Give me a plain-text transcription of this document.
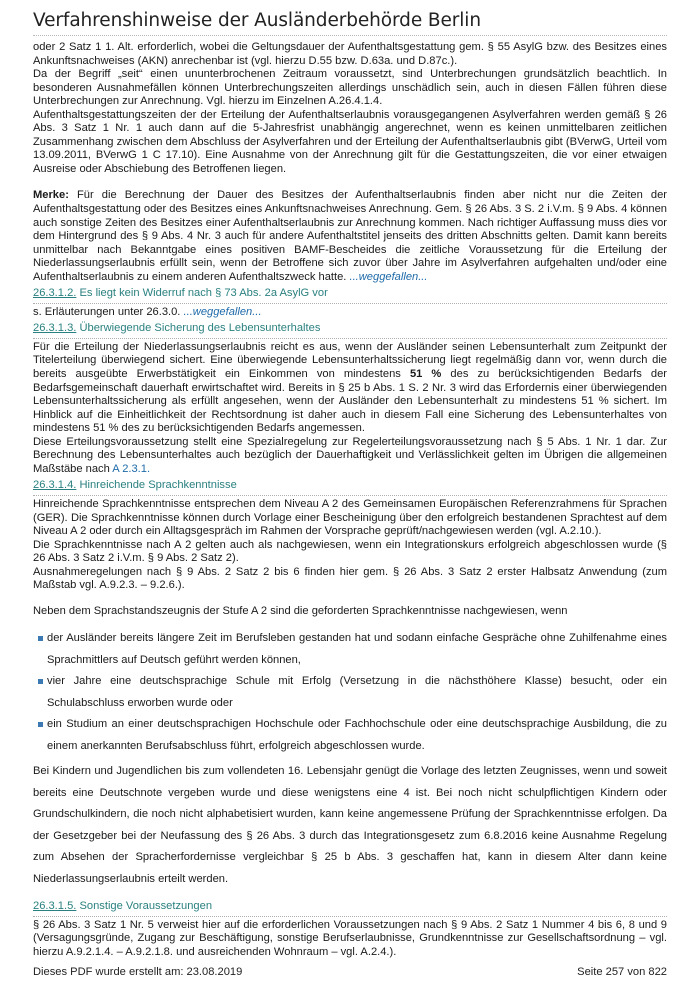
Verfahrenshinweise der Ausländerbehörde Berlin

oder 2 Satz 1 1. Alt. erforderlich, wobei die Geltungsdauer der Aufenthaltsgestattung gem. § 55 AsylG bzw. des Besitzes eines Ankunftsnachweises (AKN) anrechenbar ist (vgl. hierzu D.55 bzw. D.63a. und D.87c.).

Da der Begriff „seit“ einen ununterbrochenen Zeitraum voraussetzt, sind Unterbrechungen grundsätzlich beachtlich. In besonderen Ausnahmefällen können Unterbrechungszeiten allerdings unschädlich sein, auch in diesen Fällen führen diese Unterbrechungen zur Anrechnung. Vgl. hierzu im Einzelnen A.26.4.1.4.

Aufenthaltsgestattungszeiten der der Erteilung der Aufenthaltserlaubnis vorausgegangenen Asylverfahren werden gemäß § 26 Abs. 3 Satz 1 Nr. 1 auch dann auf die 5-Jahresfrist unabhängig angerechnet, wenn es keinen unmittelbaren zeitlichen Zusammenhang zwischen dem Abschluss der Asylverfahren und der Erteilung der Aufenthaltserlaubnis gibt (BVerwG, Urteil vom 13.09.2011, BVerwG 1 C 17.10). Eine Ausnahme von der Anrechnung gilt für die Gestattungszeiten, die vor einer etwaigen Ausreise oder Abschiebung des Betroffenen liegen.

Merke: Für die Berechnung der Dauer des Besitzes der Aufenthaltserlaubnis finden aber nicht nur die Zeiten der Aufenthaltsgestattung oder des Besitzes eines Ankunftsnachweises Anrechnung. Gem. § 26 Abs. 3 S. 2 i.V.m. § 9 Abs. 4 können auch sonstige Zeiten des Besitzes einer Aufenthaltserlaubnis zur Anrechnung kommen. Nach richtiger Auffassung muss dies vor dem Hintergrund des § 9 Abs. 4 Nr. 3 auch für andere Aufenthaltstitel jenseits des dritten Abschnitts gelten. Damit kann bereits unmittelbar nach Bekanntgabe eines positiven BAMF-Bescheides die zeitliche Voraussetzung für die Erteilung der Niederlassungserlaubnis erfüllt sein, wenn der Betroffene sich zuvor über Jahre im Asylverfahren aufgehalten und/oder eine Aufenthaltserlaubnis zu einem anderen Aufenthaltszweck hatte. ...weggefallen...

26.3.1.2. Es liegt kein Widerruf nach § 73 Abs. 2a AsylG vor

s. Erläuterungen unter 26.3.0. ...weggefallen...

26.3.1.3. Überwiegende Sicherung des Lebensunterhaltes

Für die Erteilung der Niederlassungserlaubnis reicht es aus, wenn der Ausländer seinen Lebensunterhalt zum Zeitpunkt der Titelerteilung überwiegend sichert. Eine überwiegende Lebensunterhaltssicherung liegt regelmäßig dann vor, wenn durch die bereits ausgeübte Erwerbstätigkeit ein Einkommen von mindestens 51 % des zu berücksichtigenden Bedarfs der Bedarfsgemeinschaft dauerhaft erwirtschaftet wird. Bereits in § 25 b Abs. 1 S. 2 Nr. 3 wird das Erfordernis einer überwiegenden Lebensunterhaltssicherung als erfüllt angesehen, wenn der Ausländer den Lebensunterhalt zu mindestens 51 % sichert. Im Hinblick auf die Einheitlichkeit der Rechtsordnung ist daher auch in diesem Fall eine Sicherung des Lebensunterhaltes von mindestens 51 % des zu berücksichtigenden Bedarfs angemessen.

Diese Erteilungsvoraussetzung stellt eine Spezialregelung zur Regelerteilungsvoraussetzung nach § 5 Abs. 1 Nr. 1 dar. Zur Berechnung des Lebensunterhaltes auch bezüglich der Dauerhaftigkeit und Verlässlichkeit gelten im Übrigen die allgemeinen Maßstäbe nach A 2.3.1.

26.3.1.4. Hinreichende Sprachkenntnisse

Hinreichende Sprachkenntnisse entsprechen dem Niveau A 2 des Gemeinsamen Europäischen Referenzrahmens für Sprachen (GER). Die Sprachkenntnisse können durch Vorlage einer Bescheinigung über den erfolgreich bestandenen Sprachtest auf dem Niveau A 2 oder durch ein Alltagsgespräch im Rahmen der Vorsprache geprüft/nachgewiesen werden (vgl. A.2.10.).

Die Sprachkenntnisse nach A 2 gelten auch als nachgewiesen, wenn ein Integrationskurs erfolgreich abgeschlossen wurde (§ 26 Abs. 3 Satz 2 i.V.m. § 9 Abs. 2 Satz 2).

Ausnahmeregelungen nach § 9 Abs. 2 Satz 2 bis 6 finden hier gem. § 26 Abs. 3 Satz 2 erster Halbsatz Anwendung (zum Maßstab vgl. A.9.2.3. – 9.2.6.).

Neben dem Sprachstandszeugnis der Stufe A 2 sind die geforderten Sprachkenntnisse nachgewiesen, wenn

der Ausländer bereits längere Zeit im Berufsleben gestanden hat und sodann einfache Gespräche ohne Zuhilfenahme eines Sprachmittlers auf Deutsch geführt werden können,
vier Jahre eine deutschsprachige Schule mit Erfolg (Versetzung in die nächsthöhere Klasse) besucht, oder ein Schulabschluss erworben wurde oder
ein Studium an einer deutschsprachigen Hochschule oder Fachhochschule oder eine deutschsprachige Ausbildung, die zu einem anerkannten Berufsabschluss führt, erfolgreich abgeschlossen wurde.

Bei Kindern und Jugendlichen bis zum vollendeten 16. Lebensjahr genügt die Vorlage des letzten Zeugnisses, wenn und soweit bereits eine Deutschnote vergeben wurde und diese wenigstens eine 4 ist. Bei noch nicht schulpflichtigen Kindern oder Grundschulkindern, die noch nicht alphabetisiert wurden, kann keine angemessene Prüfung der Sprachkenntnisse erfolgen. Da der Gesetzgeber bei der Neufassung des § 26 Abs. 3 durch das Integrationsgesetz zum 6.8.2016 keine Ausnahme Regelung zum Absehen der Spracherfordernisse vergleichbar § 25 b Abs. 3 geschaffen hat, kann in diesem Alter dann keine Niederlassungserlaubnis erteilt werden.

26.3.1.5. Sonstige Voraussetzungen

§ 26 Abs. 3 Satz 1 Nr. 5 verweist hier auf die erforderlichen Voraussetzungen nach § 9 Abs. 2 Satz 1 Nummer 4 bis 6, 8 und 9 (Versagungsgründe, Zugang zur Beschäftigung, sonstige Berufserlaubnisse, Grundkenntnisse zur Gesellschaftsordnung – vgl. hierzu A.9.2.1.4. – A.9.2.1.8. und ausreichenden Wohnraum – vgl. A.2.4.).

Dieses PDF wurde erstellt am: 23.08.2019	Seite 257 von 822
